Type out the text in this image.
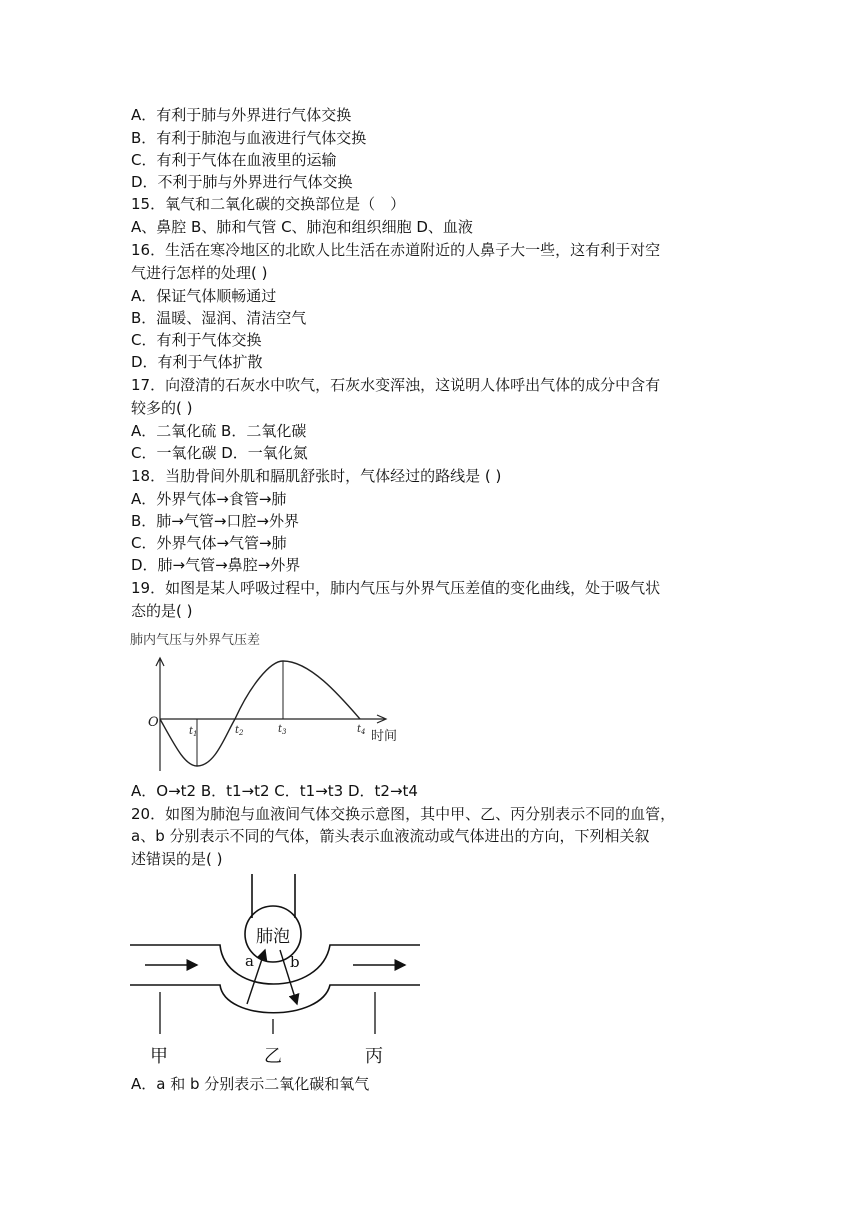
A．有利于肺与外界进行气体交换
B．有利于肺泡与血液进行气体交换
C．有利于气体在血液里的运输
D．不利于肺与外界进行气体交换
15．氧气和二氧化碳的交换部位是（　）
A、鼻腔 B、肺和气管 C、肺泡和组织细胞 D、血液
16．生活在寒冷地区的北欧人比生活在赤道附近的人鼻子大一些，这有利于对空
气进行怎样的处理( )
A．保证气体顺畅通过
B．温暖、湿润、清洁空气
C．有利于气体交换
D．有利于气体扩散
17．向澄清的石灰水中吹气，石灰水变浑浊，这说明人体呼出气体的成分中含有
较多的( )
A．二氧化硫 B．二氧化碳
C．一氧化碳 D．一氧化氮
18．当肋骨间外肌和膈肌舒张时，气体经过的路线是 ( )
A．外界气体→食管→肺
B．肺→气管→口腔→外界
C．外界气体→气管→肺
D．肺→气管→鼻腔→外界
19．如图是某人呼吸过程中，肺内气压与外界气压差值的变化曲线，处于吸气状
态的是( )
肺内气压与外界气压差
O
$t_1$	$t_2$	$t_3$	$t_4$ 时间
A．O→t2 B．t1→t2 C．t1→t3 D．t2→t4
20．如图为肺泡与血液间气体交换示意图，其中甲、乙、丙分别表示不同的血管，
a、b 分别表示不同的气体，箭头表示血液流动或气体进出的方向，下列相关叙
述错误的是( )
肺泡
a b
甲	乙	丙
A．a 和 b 分别表示二氧化碳和氧气
